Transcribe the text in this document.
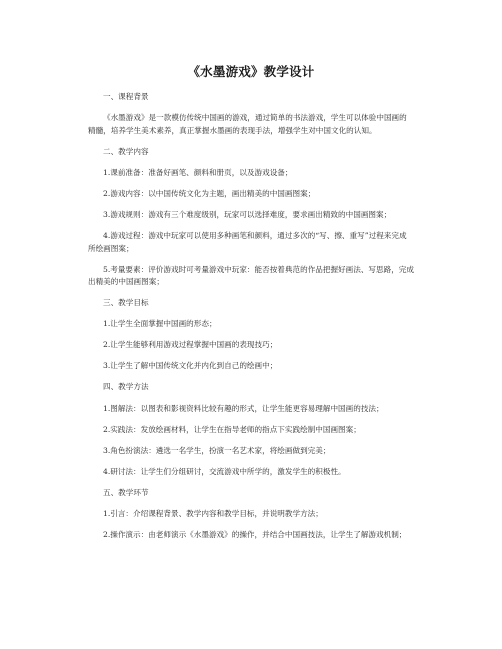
《水墨游戏》教学设计
一、课程背景
《水墨游戏》是一款模仿传统中国画的游戏，通过简单的书法游戏，学生可以体验中国画的精髓，培养学生美术素养，真正掌握水墨画的表现手法，增强学生对中国文化的认知。
二、教学内容
1.课前准备：准备好画笔、颜料和册页，以及游戏设备；
2.游戏内容：以中国传统文化为主题，画出精美的中国画图案；
3.游戏规则：游戏有三个难度级别，玩家可以选择难度，要求画出精致的中国画图案；
4.游戏过程：游戏中玩家可以使用多种画笔和颜料，通过多次的“写、擦、重写”过程来完成所绘画图案；
5.考量要素：评价游戏时可考量游戏中玩家：能否按着典范的作品把握好画法、写思路，完成出精美的中国画图案；
三、教学目标
1.让学生全面掌握中国画的形态；
2.让学生能够利用游戏过程掌握中国画的表现技巧；
3.让学生了解中国传统文化并内化到自己的绘画中；
四、教学方法
1.图解法：以图表和影视资料比较有趣的形式，让学生能更容易理解中国画的技法；
2.实践法：发放绘画材料，让学生在指导老师的指点下实践绘制中国画图案；
3.角色扮演法：遴选一名学生，扮演一名艺术家，将绘画做到完美；
4.研讨法：让学生们分组研讨，交流游戏中所学的，激发学生的积极性。
五、教学环节
1.引言：介绍课程背景、教学内容和教学目标，并说明教学方法；
2.操作演示：由老师演示《水墨游戏》的操作，并结合中国画技法，让学生了解游戏机制；
